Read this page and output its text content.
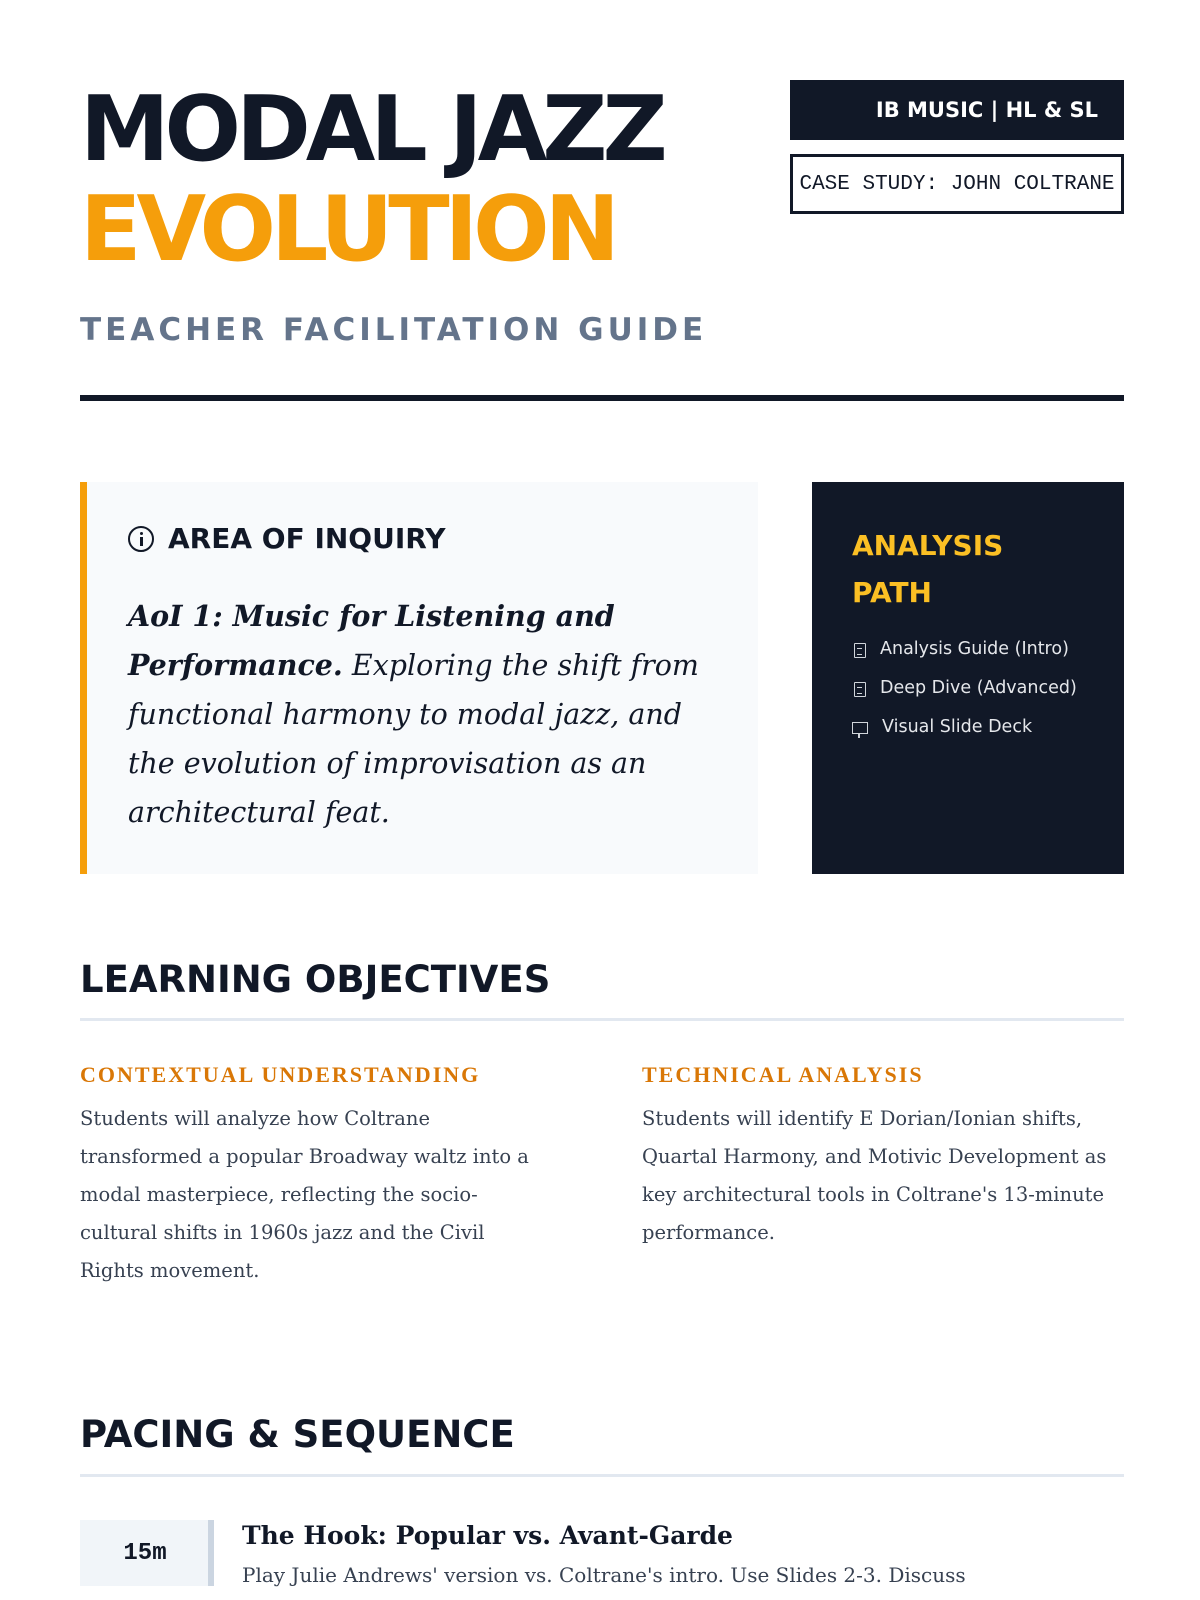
MODAL JAZZ
EVOLUTION

TEACHER FACILITATION GUIDE

IB MUSIC | HL & SL
CASE STUDY: JOHN COLTRANE
AREA OF INQUIRY

AoI 1: Music for Listening and Performance. Exploring the shift from functional harmony to modal jazz, and the evolution of improvisation as an architectural feat.

ANALYSIS PATH
Analysis Guide (Intro)
Deep Dive (Advanced)
Visual Slide Deck
LEARNING OBJECTIVES
CONTEXTUAL UNDERSTANDING

Students will analyze how Coltrane transformed a popular Broadway waltz into a modal masterpiece, reflecting the socio-cultural shifts in 1960s jazz and the Civil Rights movement.

TECHNICAL ANALYSIS

Students will identify E Dorian/Ionian shifts, Quartal Harmony, and Motivic Development as key architectural tools in Coltrane's 13-minute performance.

PACING & SEQUENCE
15m
The Hook: Popular vs. Avant-Garde

Play Julie Andrews' version vs. Coltrane's intro. Use Slides 2-3. Discuss
